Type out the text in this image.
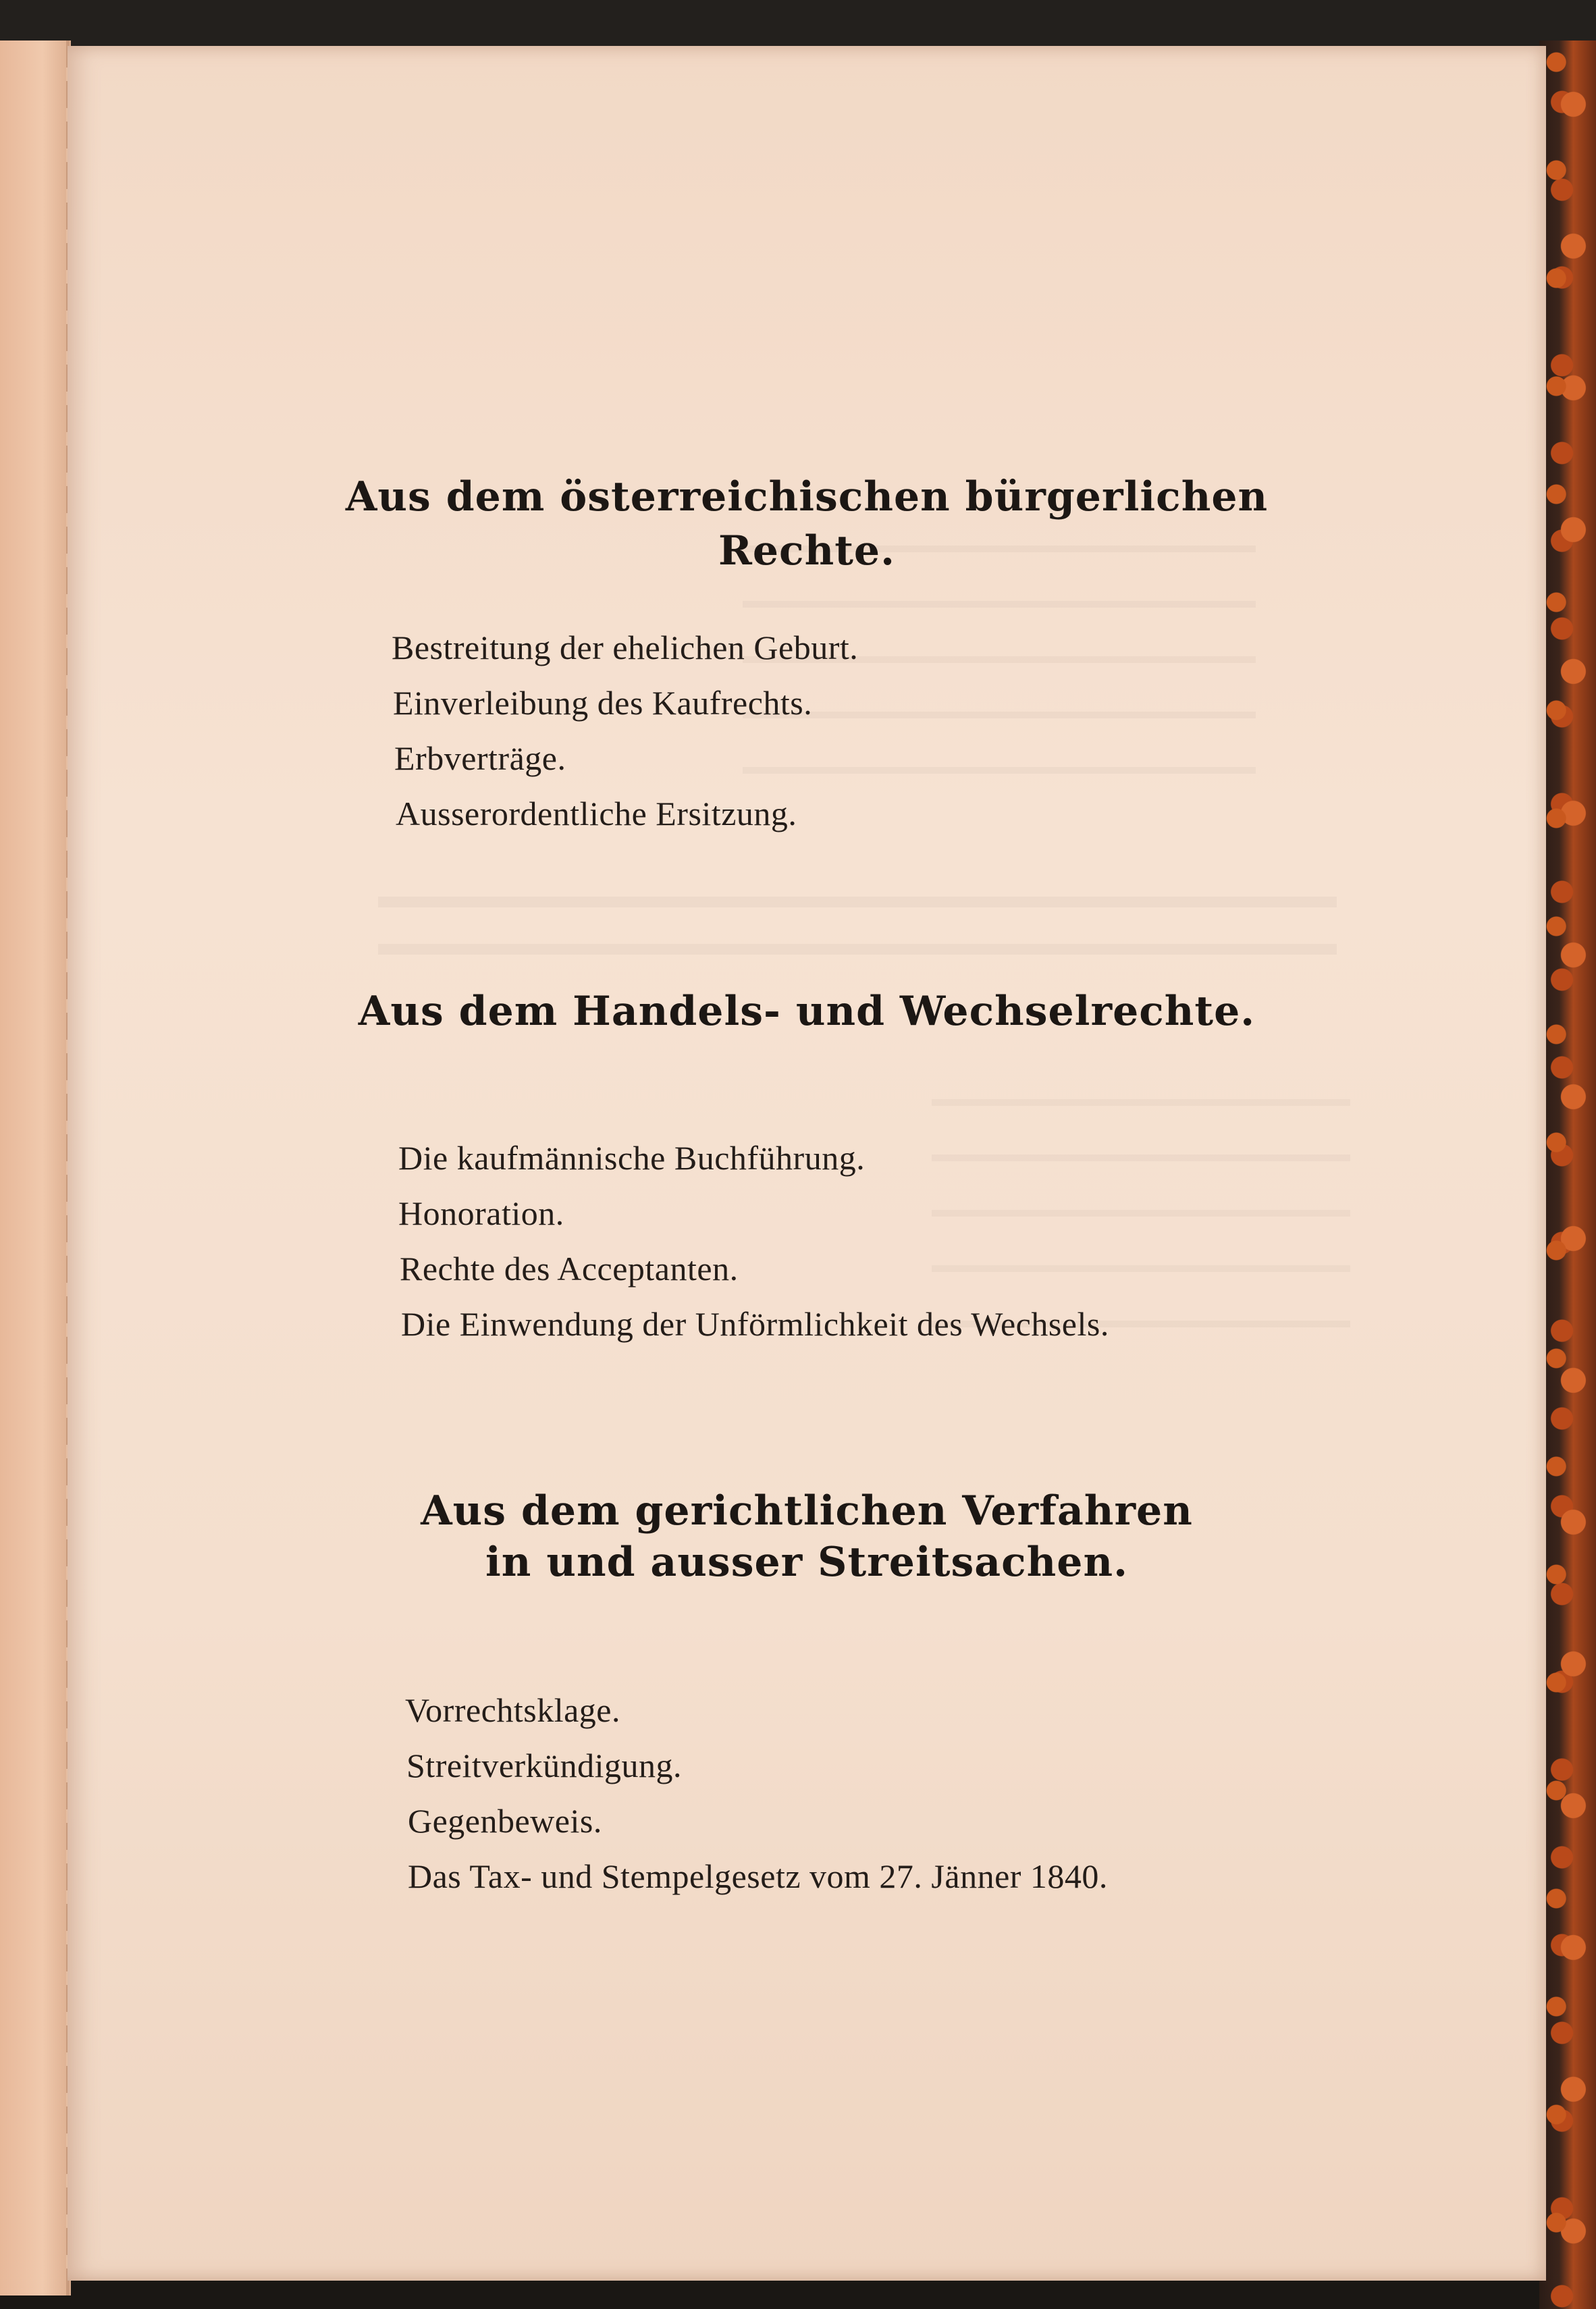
Aus dem österreichischen bürgerlichen
Rechte.
Bestreitung der ehelichen Geburt.
Einverleibung des Kaufrechts.
Erbverträge.
Ausserordentliche Ersitzung.
Aus dem Handels- und Wechselrechte.
Die kaufmännische Buchführung.
Honoration.
Rechte des Acceptanten.
Die Einwendung der Unförmlichkeit des Wechsels.
Aus dem gerichtlichen Verfahren
in und ausser Streitsachen.
Vorrechtsklage.
Streitverkündigung.
Gegenbeweis.
Das Tax- und Stempelgesetz vom 27. Jänner 1840.
